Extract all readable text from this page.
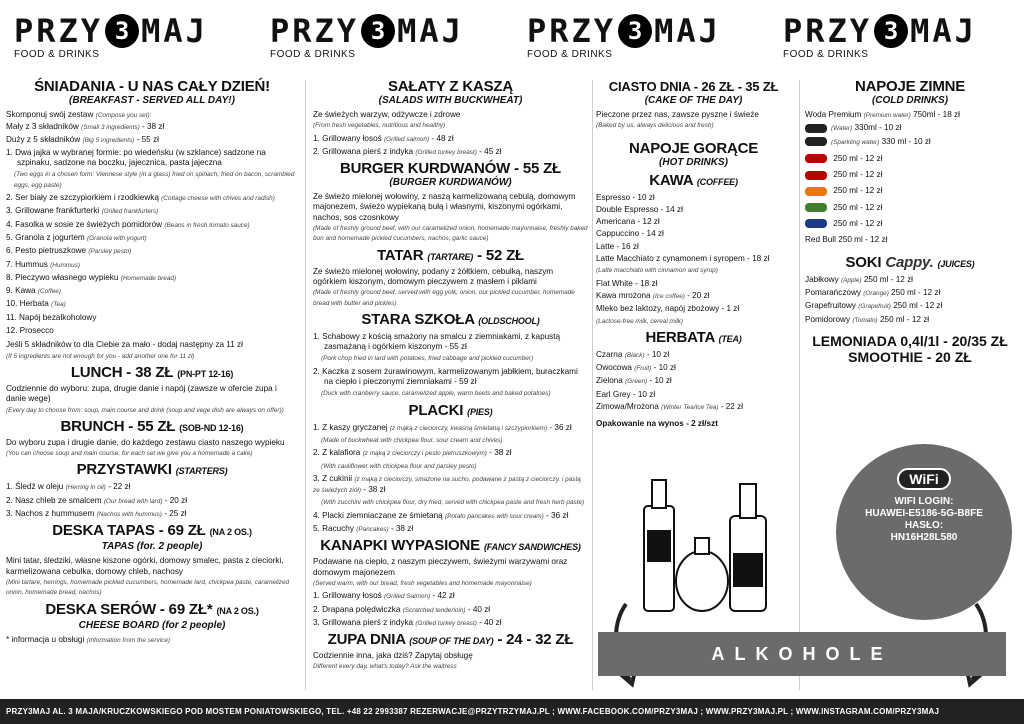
PRZY 3 MAJ
FOOD & DRINKS
PRZY 3 MAJ
FOOD & DRINKS
PRZY 3 MAJ
FOOD & DRINKS
PRZY 3 MAJ
FOOD & DRINKS
ŚNIADANIA - U NAS CAŁY DZIEŃ!
(BREAKFAST - SERVED ALL DAY!)
Skomponuj swój zestaw (Compose you set):
Mały z 3 składników (Small 3 ingredients) - 38 zł
Duży z 5 składników (Big 5 ingredients) - 55 zł
1. Dwa jajka w wybranej formie: po wiedeńsku (w szklance) sadzone na szpinaku, sadzone na boczku, jajecznica, pasta jajeczna
(Two eggs in a chosen form: Viennese style (in a glass) fried on spinach, fried on bacon, scrambled eggs, egg paste)
2. Ser biały ze szczypiorkiem i rzodkiewką (Cottage cheese with chives and radish)
3. Grillowane frankfurterki (Grilled frankfurters)
4. Fasolka w sosie ze świeżych pomidorów (Beans in fresh tomato sauce)
5. Granola z jogurtem (Granola with yogurt)
6. Pesto pietruszkowe (Parsley pesto)
7. Hummus (Hummus)
8. Pieczywo własnego wypieku (Homemade bread)
9. Kawa (Coffee)
10. Herbata (Tea)
11. Napój bezalkoholowy
12. Prosecco
Jeśli 5 składników to dla Ciebie za mało - dodaj następny za 11 zł
(If 5 ingredients are not enough for you - add another one for 11 zł)
LUNCH - 38 ZŁ (PN-PT 12-16)
Codziennie do wyboru: zupa, drugie danie i napój (zawsze w ofercie zupa i danie wege)
(Every day to choose from: soup, main course and drink (soup and vege dish are always on offer))
BRUNCH - 55 ZŁ (SOB-ND 12-16)
Do wyboru zupa i drugie danie, do każdego zestawu ciasto naszego wypieku
(You can choose soup and main course, for each set we give you a homemade a cake)
PRZYSTAWKI (STARTERS)
1. Śledź w oleju (Herring in oil) - 22 zł
2. Nasz chleb ze smalcem (Our bread with lard) - 20 zł
3. Nachos z hummusem (Nachos with hummus) - 25 zł
DESKA TAPAS - 69 ZŁ (NA 2 OS.)
TAPAS (for. 2 people)
Mini tatar, śledziki, własne kiszone ogórki, domowy smalec, pasta z cieciorki, karmelizowana cebulka, domowy chleb, nachosy
(Mini tartare, herrings, homemade pickled cucumbers, homemade lard, chickpea paste, caramelized onion, homemade bread, nachos)
DESKA SERÓW - 69 ZŁ* (NA 2 OS.)
CHEESE BOARD (for 2 people)
* informacja u obsługi (Information from the service)
SAŁATY Z KASZĄ
(SALADS WITH BUCKWHEAT)
Ze świeżych warzyw, odżywcze i zdrowe
(From fresh vegetables, nutritious and healthy)
1. Grillowany łosoś (Grilled salmon) - 48 zł
2. Grillowana pierś z indyka (Grilled turkey breast) - 45 zł
BURGER KURDWANÓW - 55 ZŁ
(BURGER KURDWANÓW)
Ze świeżo mielonej wołowiny, z naszą karmelizowaną cebulą, domowym majonezem, świeżo wypiekaną bułą i własnymi, kiszonymi ogórkami, nachos, sos czosnkowy
(Made of freshly ground beef, with our caramelized onion, homemade mayonnaise, freshly baked bun and homemade pickled cucumbers, nachos, garlic sauce)
TATAR (TARTARE) - 52 ZŁ
Ze świeżo mielonej wołowiny, podany z żółtkiem, cebulką, naszym ogórkiem kiszonym, domowym pieczywem z masłem i piklami
(Made of freshly ground beef, served with egg yolk, onion, our pickled cucumber, homemade bread with butter and pickles)
STARA SZKOŁA (OLDSCHOOL)
1. Schabowy z kością smażony na smalcu z ziemniakami, z kapustą zasmażaną i ogórkiem kiszonym - 55 zł
(Pork chop fried in lard with potatoes, fried cabbage and pickled cucumber)
2. Kaczka z sosem żurawinowym, karmelizowanym jabłkiem, buraczkami na ciepło i pieczonymi ziemniakami - 59 zł
(Duck with cranberry sauce, caramelized apple, warm beets and baked potatoes)
PLACKI (PIES)
1. Z kaszy gryczanej (z mąką z cieciorczy, kwaśną śmietaną i szczypiorkiem) - 36 zł
(Made of buckwheat with chickpea flour, sour cream and chives)
2. Z kalafiora (z mąką z cieciorczy i pesto pietruszkowym) - 38 zł
(With cauliflower with chickpea flour and parsley pesto)
3. Z cukinii (z mąką z cieciorczy, smażone na sucho, podawane z pastą z cieciorczy. i pastą ze świeżych ziół) - 38 zł
(With zucchini with chickpea flour, dry fried, served with chickpea paste and fresh herb paste)
4. Placki ziemniaczane ze śmietaną (Potato pancakes with sour cream) - 36 zł
5. Racuchy (Pancakes) - 38 zł
KANAPKI WYPASIONE (FANCY SANDWICHES)
Podawane na ciepło, z naszym pieczywem, świeżymi warzywami oraz domowym majonezem
(Served warm, with our bread, fresh vegetables and homemade mayonnaise)
1. Grillowany łosoś (Grilled Salmon) - 42 zł
2. Drapana polędwiczka (Scratched tenderloin) - 40 zł
3. Grillowana pierś z indyka (Grilled turkey breast) - 40 zł
ZUPA DNIA (SOUP OF THE DAY) - 24 - 32 ZŁ
Codziennie inna, jaka dziś? Zapytaj obsługę
Different every day, what's today? Ask the waitress
CIASTO DNIA - 26 ZŁ - 35 ZŁ
(CAKE OF THE DAY)
Pieczone przez nas, zawsze pyszne i świeże
(Baked by us, always delicious and fresh)
NAPOJE GORĄCE
(HOT DRINKS)
KAWA (COFFEE)
Espresso - 10 zł
Double Espresso - 14 zł
Americana - 12 zł
Cappuccino - 14 zł
Latte - 16 zł
Latte Macchiato z cynamonem i syropem - 18 zł
(Latte macchiato with cinnamon and syrup)
Flat White - 18 zł
Kawa mrożona (Ice coffee) - 20 zł
Mleko bez laktozy, napój zbożowy - 1 zł
(Lactose-free milk, cereal milk)
HERBATA (TEA)
Czarna (Black) - 10 zł
Owocowa (Fruit) - 10 zł
Zielona (Green) - 10 zł
Earl Grey - 10 zł
Zimowa/Mrożona (Winter Tea/Ice Tea) - 22 zł
Opakowanie na wynos - 2 zł/szt
NAPOJE ZIMNE
(COLD DRINKS)
Woda Premium (Premium water) 750ml - 18 zł
(Water) 330ml - 10 zł
(Sparkling water) 330 ml - 10 zł
250 ml - 12 zł
250 ml - 12 zł
250 ml - 12 zł
250 ml - 12 zł
250 ml - 12 zł
Red Bull 250 ml - 12 zł
SOKI Cappy. (JUICES)
Jabłkowy (Apple) 250 ml - 12 zł
Pomarańczowy (Orange) 250 ml - 12 zł
Grapefruitowy (Grapefruit) 250 ml - 12 zł
Pomidorowy (Tomato) 250 ml - 12 zł
LEMONIADA 0,4l/1l - 20/35 ZŁ
SMOOTHIE - 20 ZŁ
WiFi
WIFI LOGIN:
HUAWEI-E5186-5G-B8FE
HASŁO:
HN16H28L580
ALKOHOLE
PRZY3MAJ AL. 3 MAJA/KRUCZKOWSKIEGO POD MOSTEM PONIATOWSKIEGO, TEL. +48 22 2993387 REZERWACJE@PRZYTRZYMAJ.PL ; WWW.FACEBOOK.COM/PRZY3MAJ ; WWW.PRZY3MAJ.PL ; WWW.INSTAGRAM.COM/PRZY3MAJ
